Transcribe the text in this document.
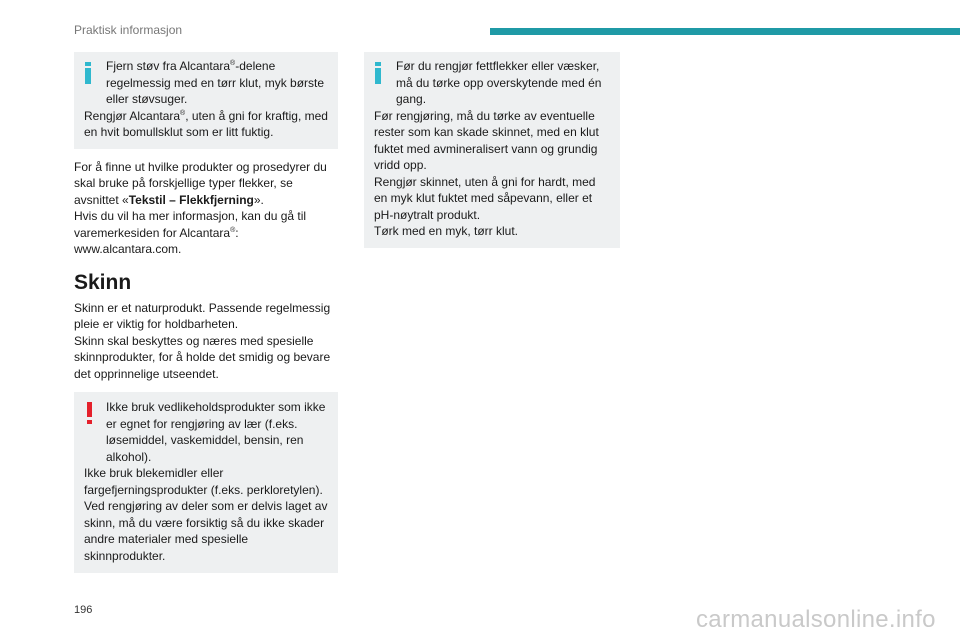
Praktisk informasjon

Fjern støv fra Alcantara®-delene regelmessig med en tørr klut, myk børste eller støvsuger.

Rengjør Alcantara®, uten å gni for kraftig, med en hvit bomullsklut som er litt fuktig.

For å finne ut hvilke produkter og prosedyrer du skal bruke på forskjellige typer flekker, se avsnittet «Tekstil – Flekkfjerning».
Hvis du vil ha mer informasjon, kan du gå til varemerkesiden for Alcantara®: www.alcantara.com.

Skinn

Skinn er et naturprodukt. Passende regelmessig pleie er viktig for holdbarheten.
Skinn skal beskyttes og næres med spesielle skinnprodukter, for å holde det smidig og bevare det opprinnelige utseendet.

Ikke bruk vedlikeholdsprodukter som ikke er egnet for rengjøring av lær (f.eks. løsemiddel, vaskemiddel, bensin, ren alkohol).

Ikke bruk blekemidler eller fargefjerningsprodukter (f.eks. perkloretylen).

Ved rengjøring av deler som er delvis laget av skinn, må du være forsiktig så du ikke skader andre materialer med spesielle skinnprodukter.

Før du rengjør fettflekker eller væsker, må du tørke opp overskytende med én gang.

Før rengjøring, må du tørke av eventuelle rester som kan skade skinnet, med en klut fuktet med avmineralisert vann og grundig vridd opp.

Rengjør skinnet, uten å gni for hardt, med en myk klut fuktet med såpevann, eller et pH-nøytralt produkt.

Tørk med en myk, tørr klut.

196	carmanualsonline.info
